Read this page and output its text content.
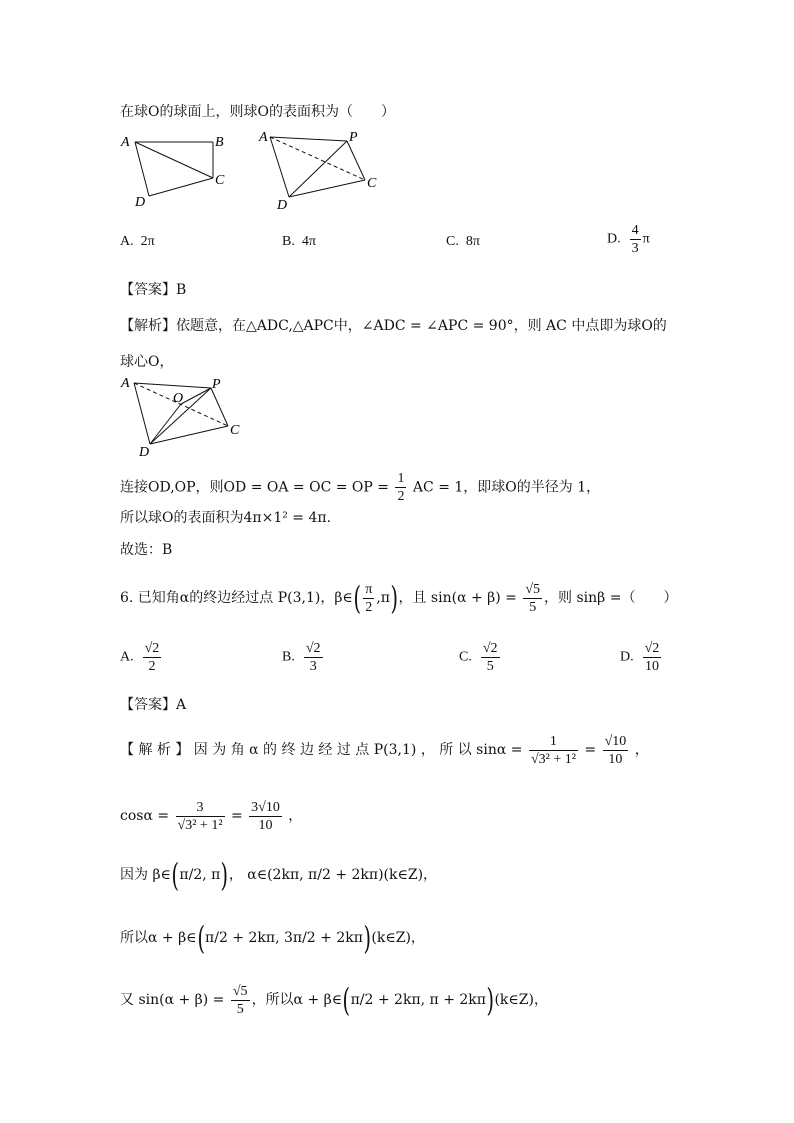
在球O的球面上，则球O的表面积为（　　）
A	B
C
D
A	P
C
D
A. 2π	B. 4π	C. 8π	D. $\frac{4}{3}$ π
【答案】B
【解析】依题意，在△ADC,△APC中，∠ADC = ∠APC = 90°，则 AC 中点即为球O的
球心O，
A	P
O
C
D
连接OD,OP，则OD = OA = OC = OP = $\frac{1}{2}$ AC = 1，即球O的半径为 1，
所以球O的表面积为4π×1² = 4π.
故选：B
6. 已知角α的终边经过点 P(3,1)，β∈( $\frac{\pi}{2} ,\pi$)，且 $\sin(\alpha + \beta) = \frac{√5}{5}$ ，则 sinβ =（　　）
A. $\frac{√2}{2}$	B. $\frac{√2}{3}$	C. $\frac{√2}{5}$	D. $\frac{√2}{10}$
【答案】A
【 解 析 】 因 为 角 α 的 终 边 经 过 点 P(3,1) ， 所 以 $\sin\alpha = \frac{1}{\text{√3² + 1²}} = \frac{√10}{10}$ ，
$\cos\alpha = \frac{3}{\text{√3² + 1²}} = \frac{3√10}{10}$ ，
因为 β∈(π/2, π)， α∈(2kπ, π/2 + 2kπ)(k∈Z)，
所以α + β∈(π/2 + 2kπ, 3π/2 + 2kπ)(k∈Z)，
又 $\sin(\alpha + \beta) = \frac{√5}{5}$ ，所以α + β∈(π/2 + 2kπ, π + 2kπ)(k∈Z)，
